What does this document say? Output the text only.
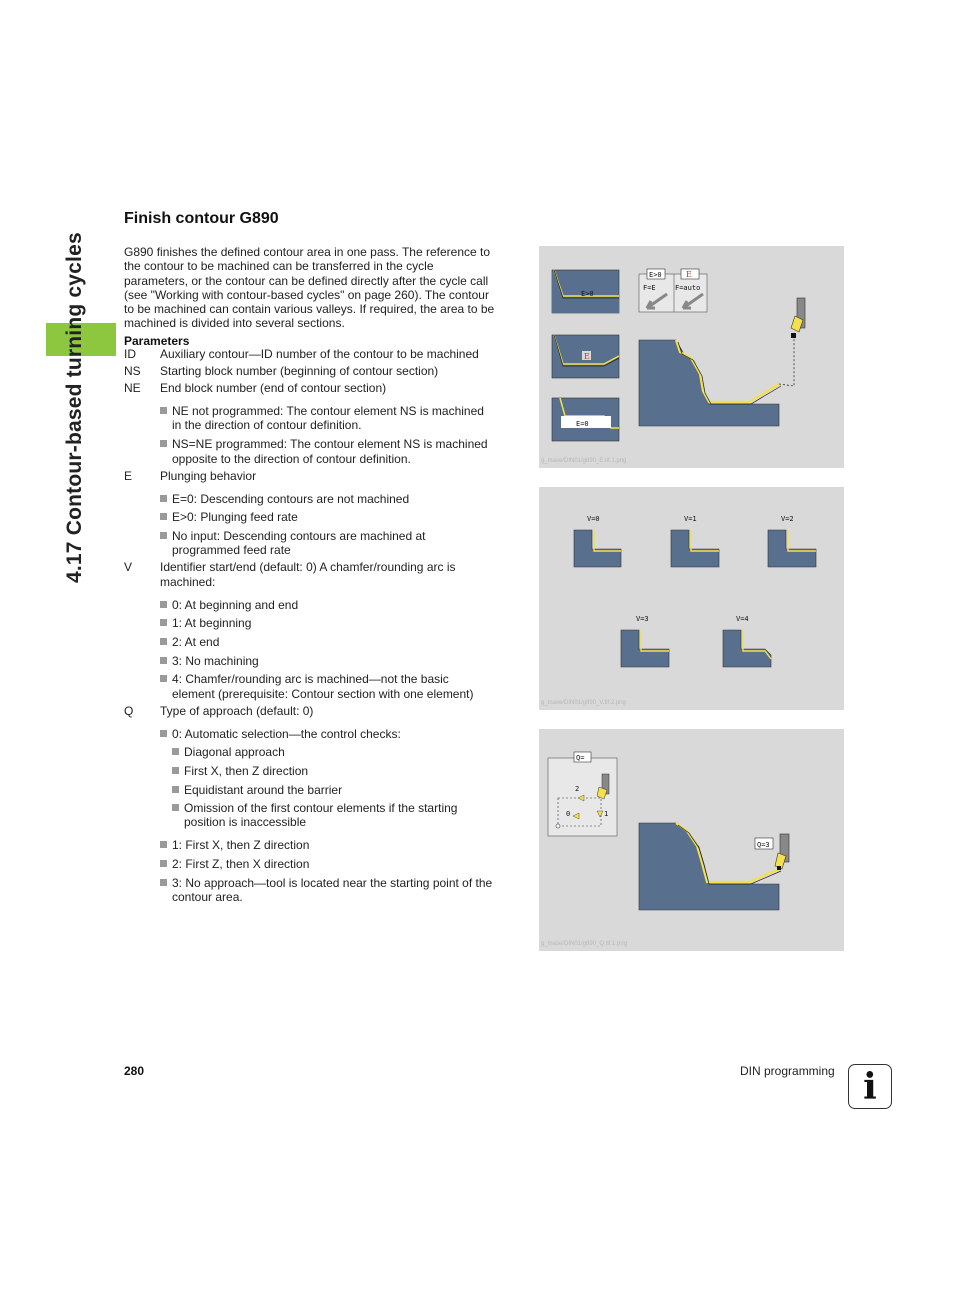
4.17 Contour-based turning cycles
Finish contour G890
G890 finishes the defined contour area in one pass. The reference to
the contour to be machined can be transferred in the cycle
parameters, or the contour can be defined directly after the cycle call
(see "Working with contour-based cycles" on page 260). The contour
to be machined can contain various valleys. If required, the area to be
machined is divided into several sections.
Parameters
ID Auxiliary contour—ID number of the contour to be machined
NS Starting block number (beginning of contour section)
NE End block number (end of contour section)
NE not programmed: The contour element NS is machined
in the direction of contour definition.
NS=NE programmed: The contour element NS is machined
opposite to the direction of contour definition.
E Plunging behavior
E=0: Descending contours are not machined
E>0: Plunging feed rate
No input: Descending contours are machined at
programmed feed rate
V Identifier start/end (default: 0) A chamfer/rounding arc is
machined:
0: At beginning and end
1: At beginning
2: At end
3: No machining
4: Chamfer/rounding arc is machined—not the basic
element (prerequisite: Contour section with one element)
Q Type of approach (default: 0)
0: Automatic selection—the control checks:
Diagonal approach
First X, then Z direction
Equidistant around the barrier
Omission of the first contour elements if the starting
position is inaccessible
1: First X, then Z direction
2: First Z, then X direction
3: No approach—tool is located near the starting point of the
contour area.
E>0
E
E=0
E>0	E
F=E	F=auto
g_mase/DIN01/g890_E.tif.1.png
V=0	V=1	V=2
V=3	V=4
g_mase/DIN01/g890_V.tif.2.png
Q=
2
0	1
Q=3
g_mase/DIN01/g890_Q.tif.1.png
280	DIN programming i
